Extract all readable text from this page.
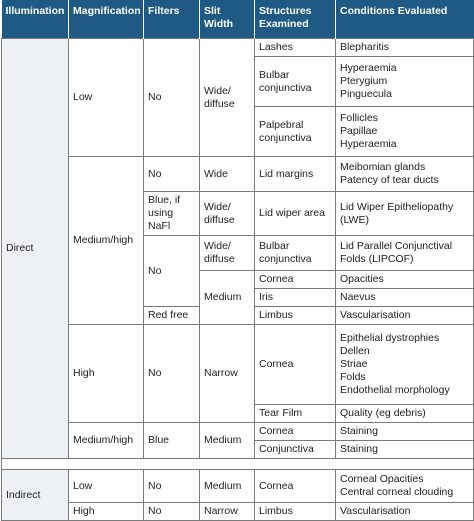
Illumination	Magnification	Filters	Slit Width	Structures Examined	Conditions Evaluated
Direct	Low	No	Wide/ diffuse	Lashes	Blepharitis
				Bulbar conjunctiva	Hyperaemia
Pterygium
Pinguecula

				Palpebral conjunctiva	Follicles
Papillae
Hyperaemia

	Medium/high	No	Wide	Lid margins	Meibomian glands
Patency of tear ducts

		Blue, if using NaFl	Wide/ diffuse	Lid wiper area	Lid Wiper Epitheliopathy (LWE)
		No	Wide/ diffuse	Bulbar conjunctiva	Lid Parallel Conjunctival Folds (LIPCOF)
			Medium	Cornea	Opacities
				Iris	Naevus
		Red free		Limbus	Vascularisation
	High	No	Narrow	Cornea	Epithelial dystrophies
Dellen
Striae
Folds
Endothelial morphology

				Tear Film	Quality (eg debris)
	Medium/high	Blue	Medium	Cornea	Staining
				Conjunctiva	Staining

Indirect	Low	No	Medium	Cornea	Corneal Opacities
Central corneal clouding

	High	No	Narrow	Limbus	Vascularisation
